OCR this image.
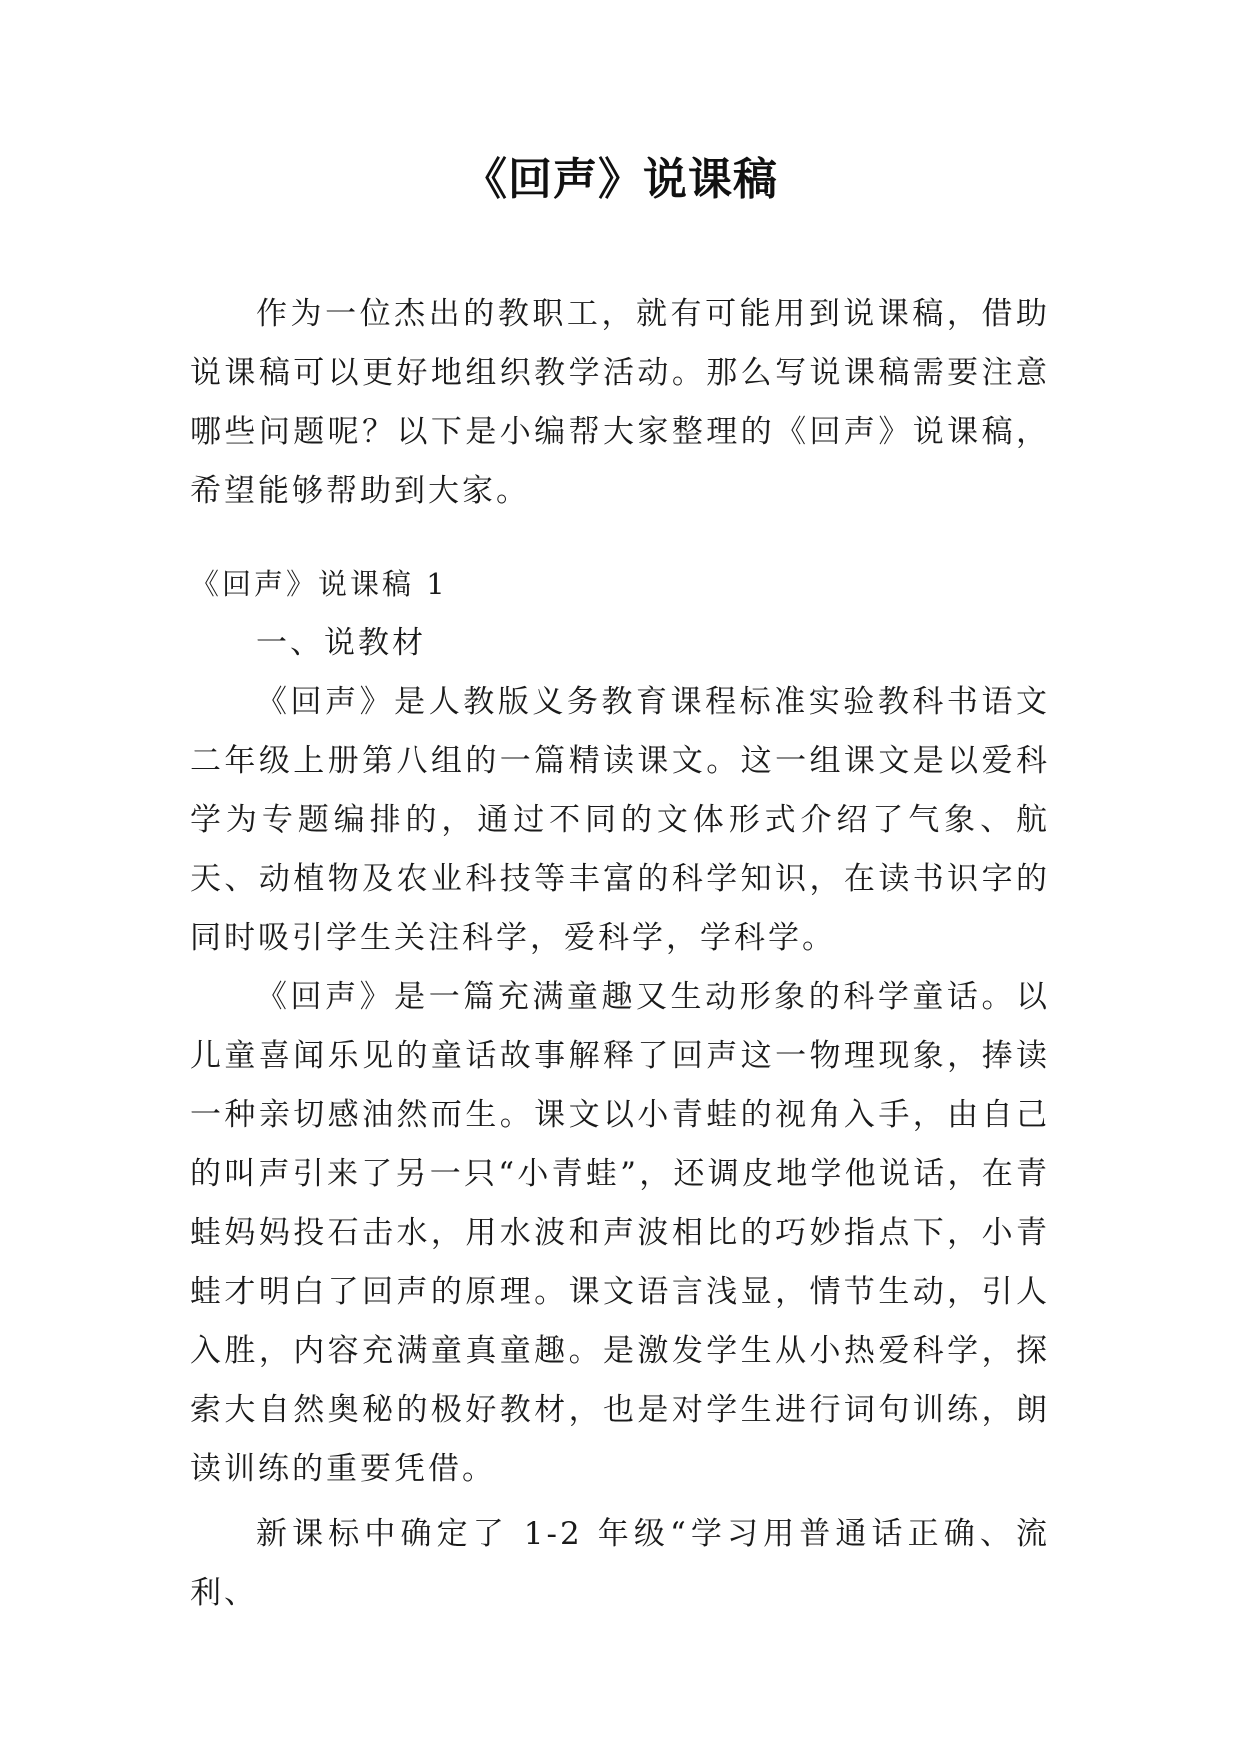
《回声》说课稿

作为一位杰出的教职工，就有可能用到说课稿，借助说课稿可以更好地组织教学活动。那么写说课稿需要注意哪些问题呢？以下是小编帮大家整理的《回声》说课稿，希望能够帮助到大家。

《回声》说课稿 1

一、说教材

《回声》是人教版义务教育课程标准实验教科书语文二年级上册第八组的一篇精读课文。这一组课文是以爱科学为专题编排的，通过不同的文体形式介绍了气象、航天、动植物及农业科技等丰富的科学知识，在读书识字的同时吸引学生关注科学，爱科学，学科学。

《回声》是一篇充满童趣又生动形象的科学童话。以儿童喜闻乐见的童话故事解释了回声这一物理现象，捧读一种亲切感油然而生。课文以小青蛙的视角入手，由自己的叫声引来了另一只“小青蛙”，还调皮地学他说话，在青蛙妈妈投石击水，用水波和声波相比的巧妙指点下，小青蛙才明白了回声的原理。课文语言浅显，情节生动，引人入胜，内容充满童真童趣。是激发学生从小热爱科学，探索大自然奥秘的极好教材，也是对学生进行词句训练，朗读训练的重要凭借。

新课标中确定了 1-2 年级“学习用普通话正确、流利、
